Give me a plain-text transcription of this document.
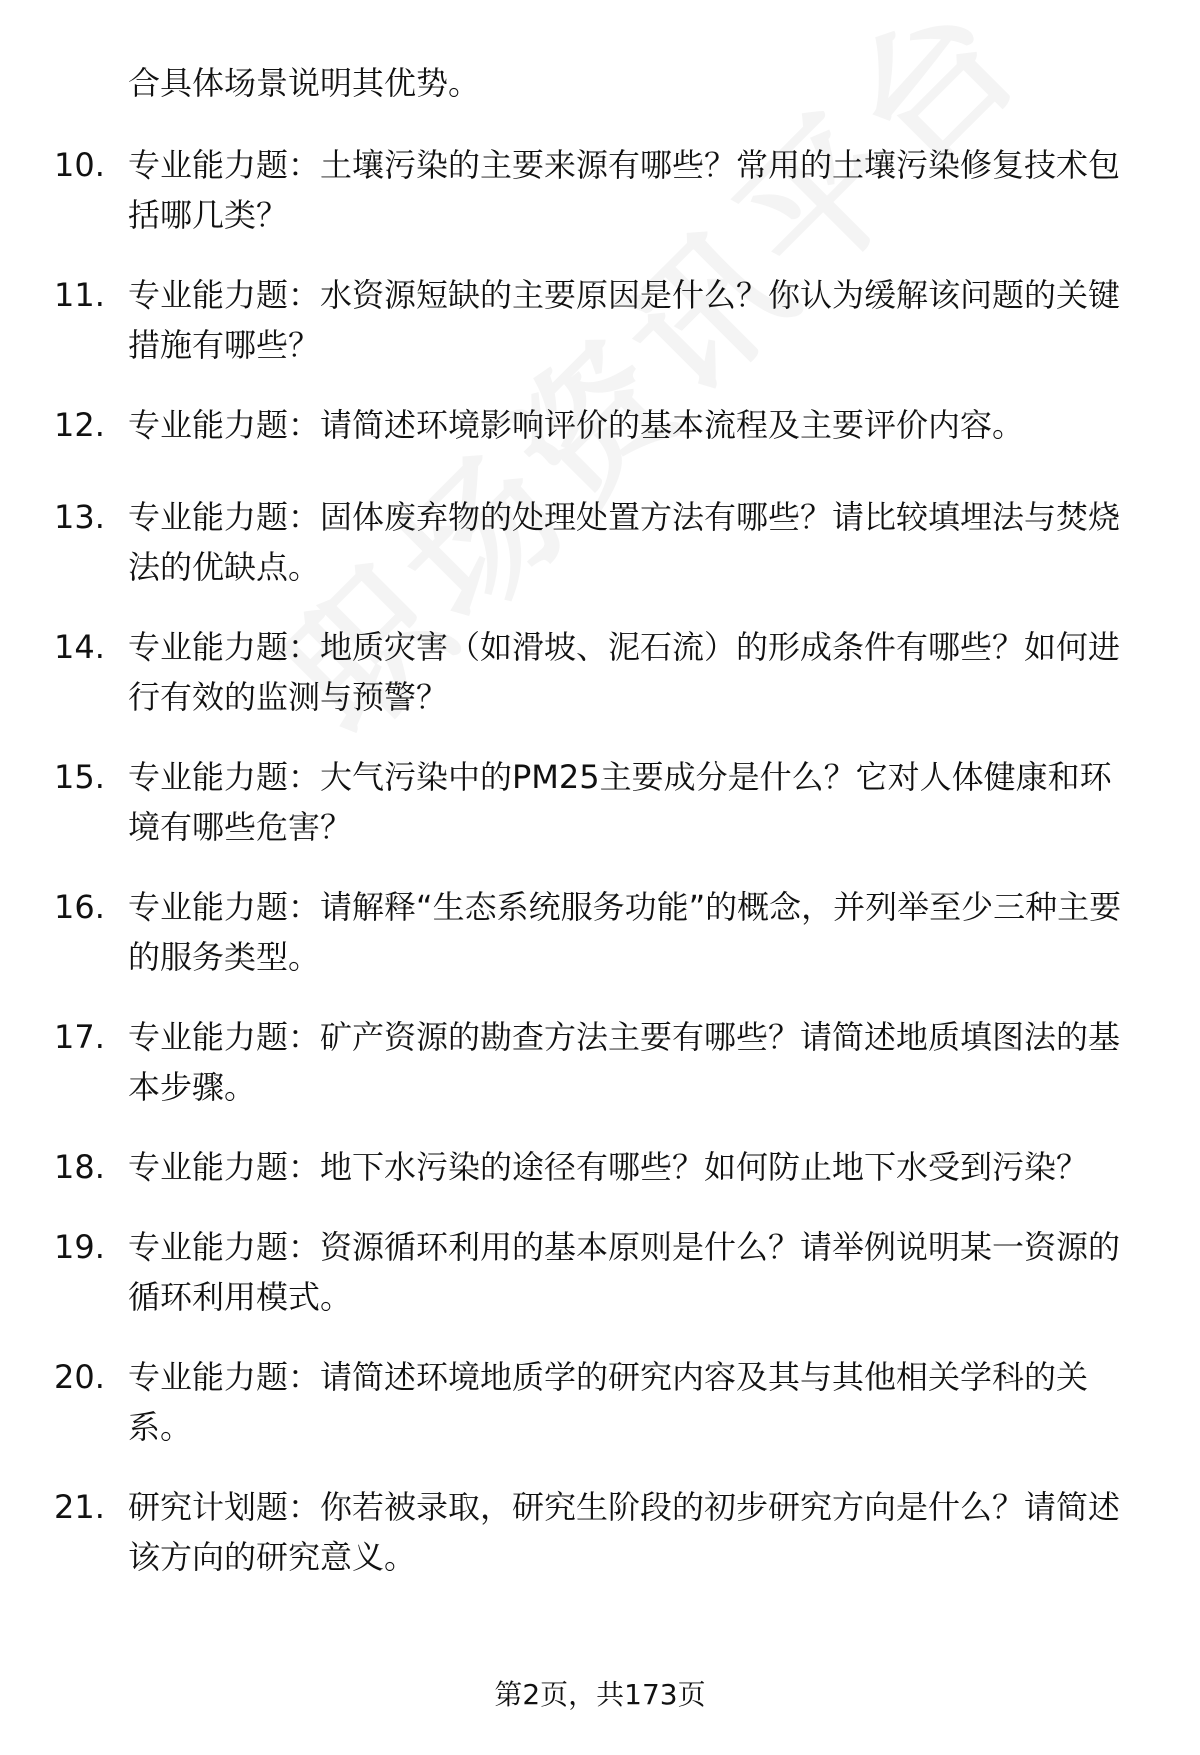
合具体场景说明其优势。
10. 专业能力题：土壤污染的主要来源有哪些？常用的土壤污染修复技术包括哪几类？
11. 专业能力题：水资源短缺的主要原因是什么？你认为缓解该问题的关键措施有哪些？
12. 专业能力题：请简述环境影响评价的基本流程及主要评价内容。
13. 专业能力题：固体废弃物的处理处置方法有哪些？请比较填埋法与焚烧法的优缺点。
14. 专业能力题：地质灾害（如滑坡、泥石流）的形成条件有哪些？如何进行有效的监测与预警？
15. 专业能力题：大气污染中的PM25主要成分是什么？它对人体健康和环境有哪些危害？
16. 专业能力题：请解释“生态系统服务功能”的概念，并列举至少三种主要的服务类型。
17. 专业能力题：矿产资源的勘查方法主要有哪些？请简述地质填图法的基本步骤。
18. 专业能力题：地下水污染的途径有哪些？如何防止地下水受到污染？
19. 专业能力题：资源循环利用的基本原则是什么？请举例说明某一资源的循环利用模式。
20. 专业能力题：请简述环境地质学的研究内容及其与其他相关学科的关系。
21. 研究计划题：你若被录取，研究生阶段的初步研究方向是什么？请简述该方向的研究意义。
第2页，共173页
